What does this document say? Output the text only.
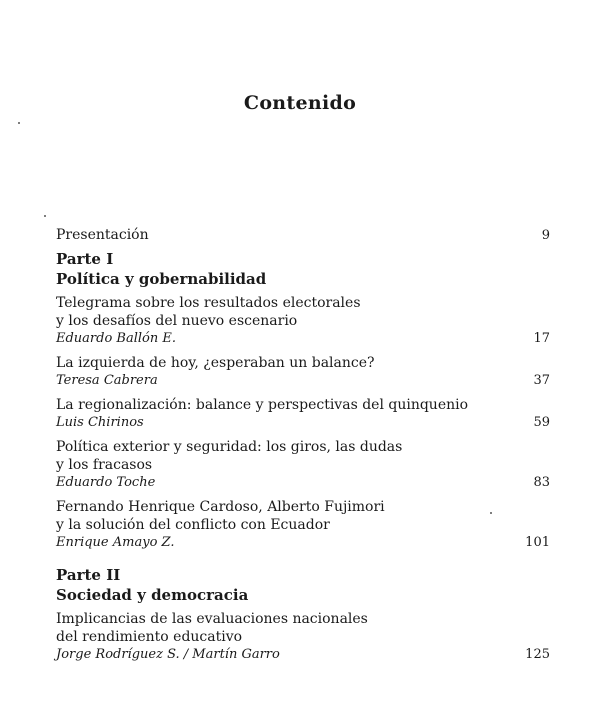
Contenido
Presentación	9
Parte I
Política y gobernabilidad
Telegrama sobre los resultados electorales
y los desafíos del nuevo escenario
Eduardo Ballón E.	17
La izquierda de hoy, ¿esperaban un balance?
Teresa Cabrera	37
La regionalización: balance y perspectivas del quinquenio
Luis Chirinos	59
Política exterior y seguridad: los giros, las dudas
y los fracasos
Eduardo Toche	83
Fernando Henrique Cardoso, Alberto Fujimori
y la solución del conflicto con Ecuador
Enrique Amayo Z.	101
Parte II
Sociedad y democracia
Implicancias de las evaluaciones nacionales
del rendimiento educativo
Jorge Rodríguez S. / Martín Garro	125
